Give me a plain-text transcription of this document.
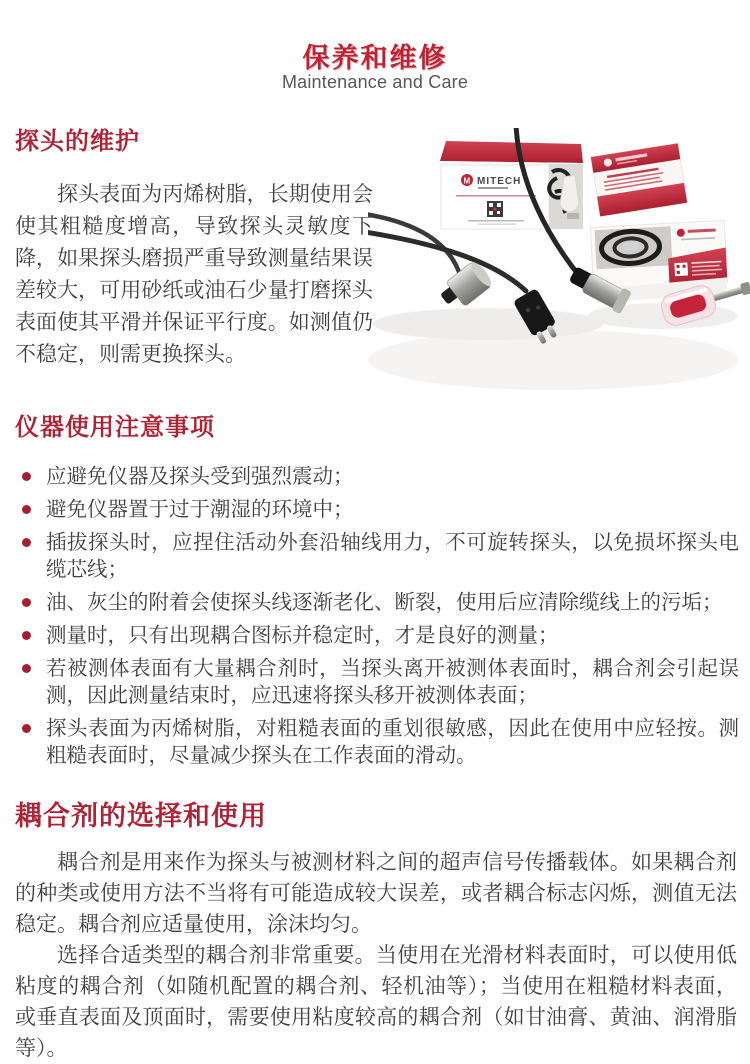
保养和维修
Maintenance and Care
探头的维护

探头表面为丙烯树脂，长期使用会使其粗糙度增高，导致探头灵敏度下降，如果探头磨损严重导致测量结果误差较大，可用砂纸或油石少量打磨探头表面使其平滑并保证平行度。如测值仍不稳定，则需更换探头。

M MITECH
仪器使用注意事项
应避免仪器及探头受到强烈震动；
避免仪器置于过于潮湿的环境中；
插拔探头时，应捏住活动外套沿轴线用力，不可旋转探头，以免损坏探头电缆芯线；
油、灰尘的附着会使探头线逐渐老化、断裂，使用后应清除缆线上的污垢；
测量时，只有出现耦合图标并稳定时，才是良好的测量；
若被测体表面有大量耦合剂时，当探头离开被测体表面时，耦合剂会引起误测，因此测量结束时，应迅速将探头移开被测体表面；
探头表面为丙烯树脂，对粗糙表面的重划很敏感，因此在使用中应轻按。测粗糙表面时，尽量减少探头在工作表面的滑动。
耦合剂的选择和使用

耦合剂是用来作为探头与被测材料之间的超声信号传播载体。如果耦合剂的种类或使用方法不当将有可能造成较大误差，或者耦合标志闪烁，测值无法稳定。耦合剂应适量使用，涂沫均匀。

选择合适类型的耦合剂非常重要。当使用在光滑材料表面时，可以使用低粘度的耦合剂（如随机配置的耦合剂、轻机油等）；当使用在粗糙材料表面，或垂直表面及顶面时，需要使用粘度较高的耦合剂（如甘油膏、黄油、润滑脂等）。
